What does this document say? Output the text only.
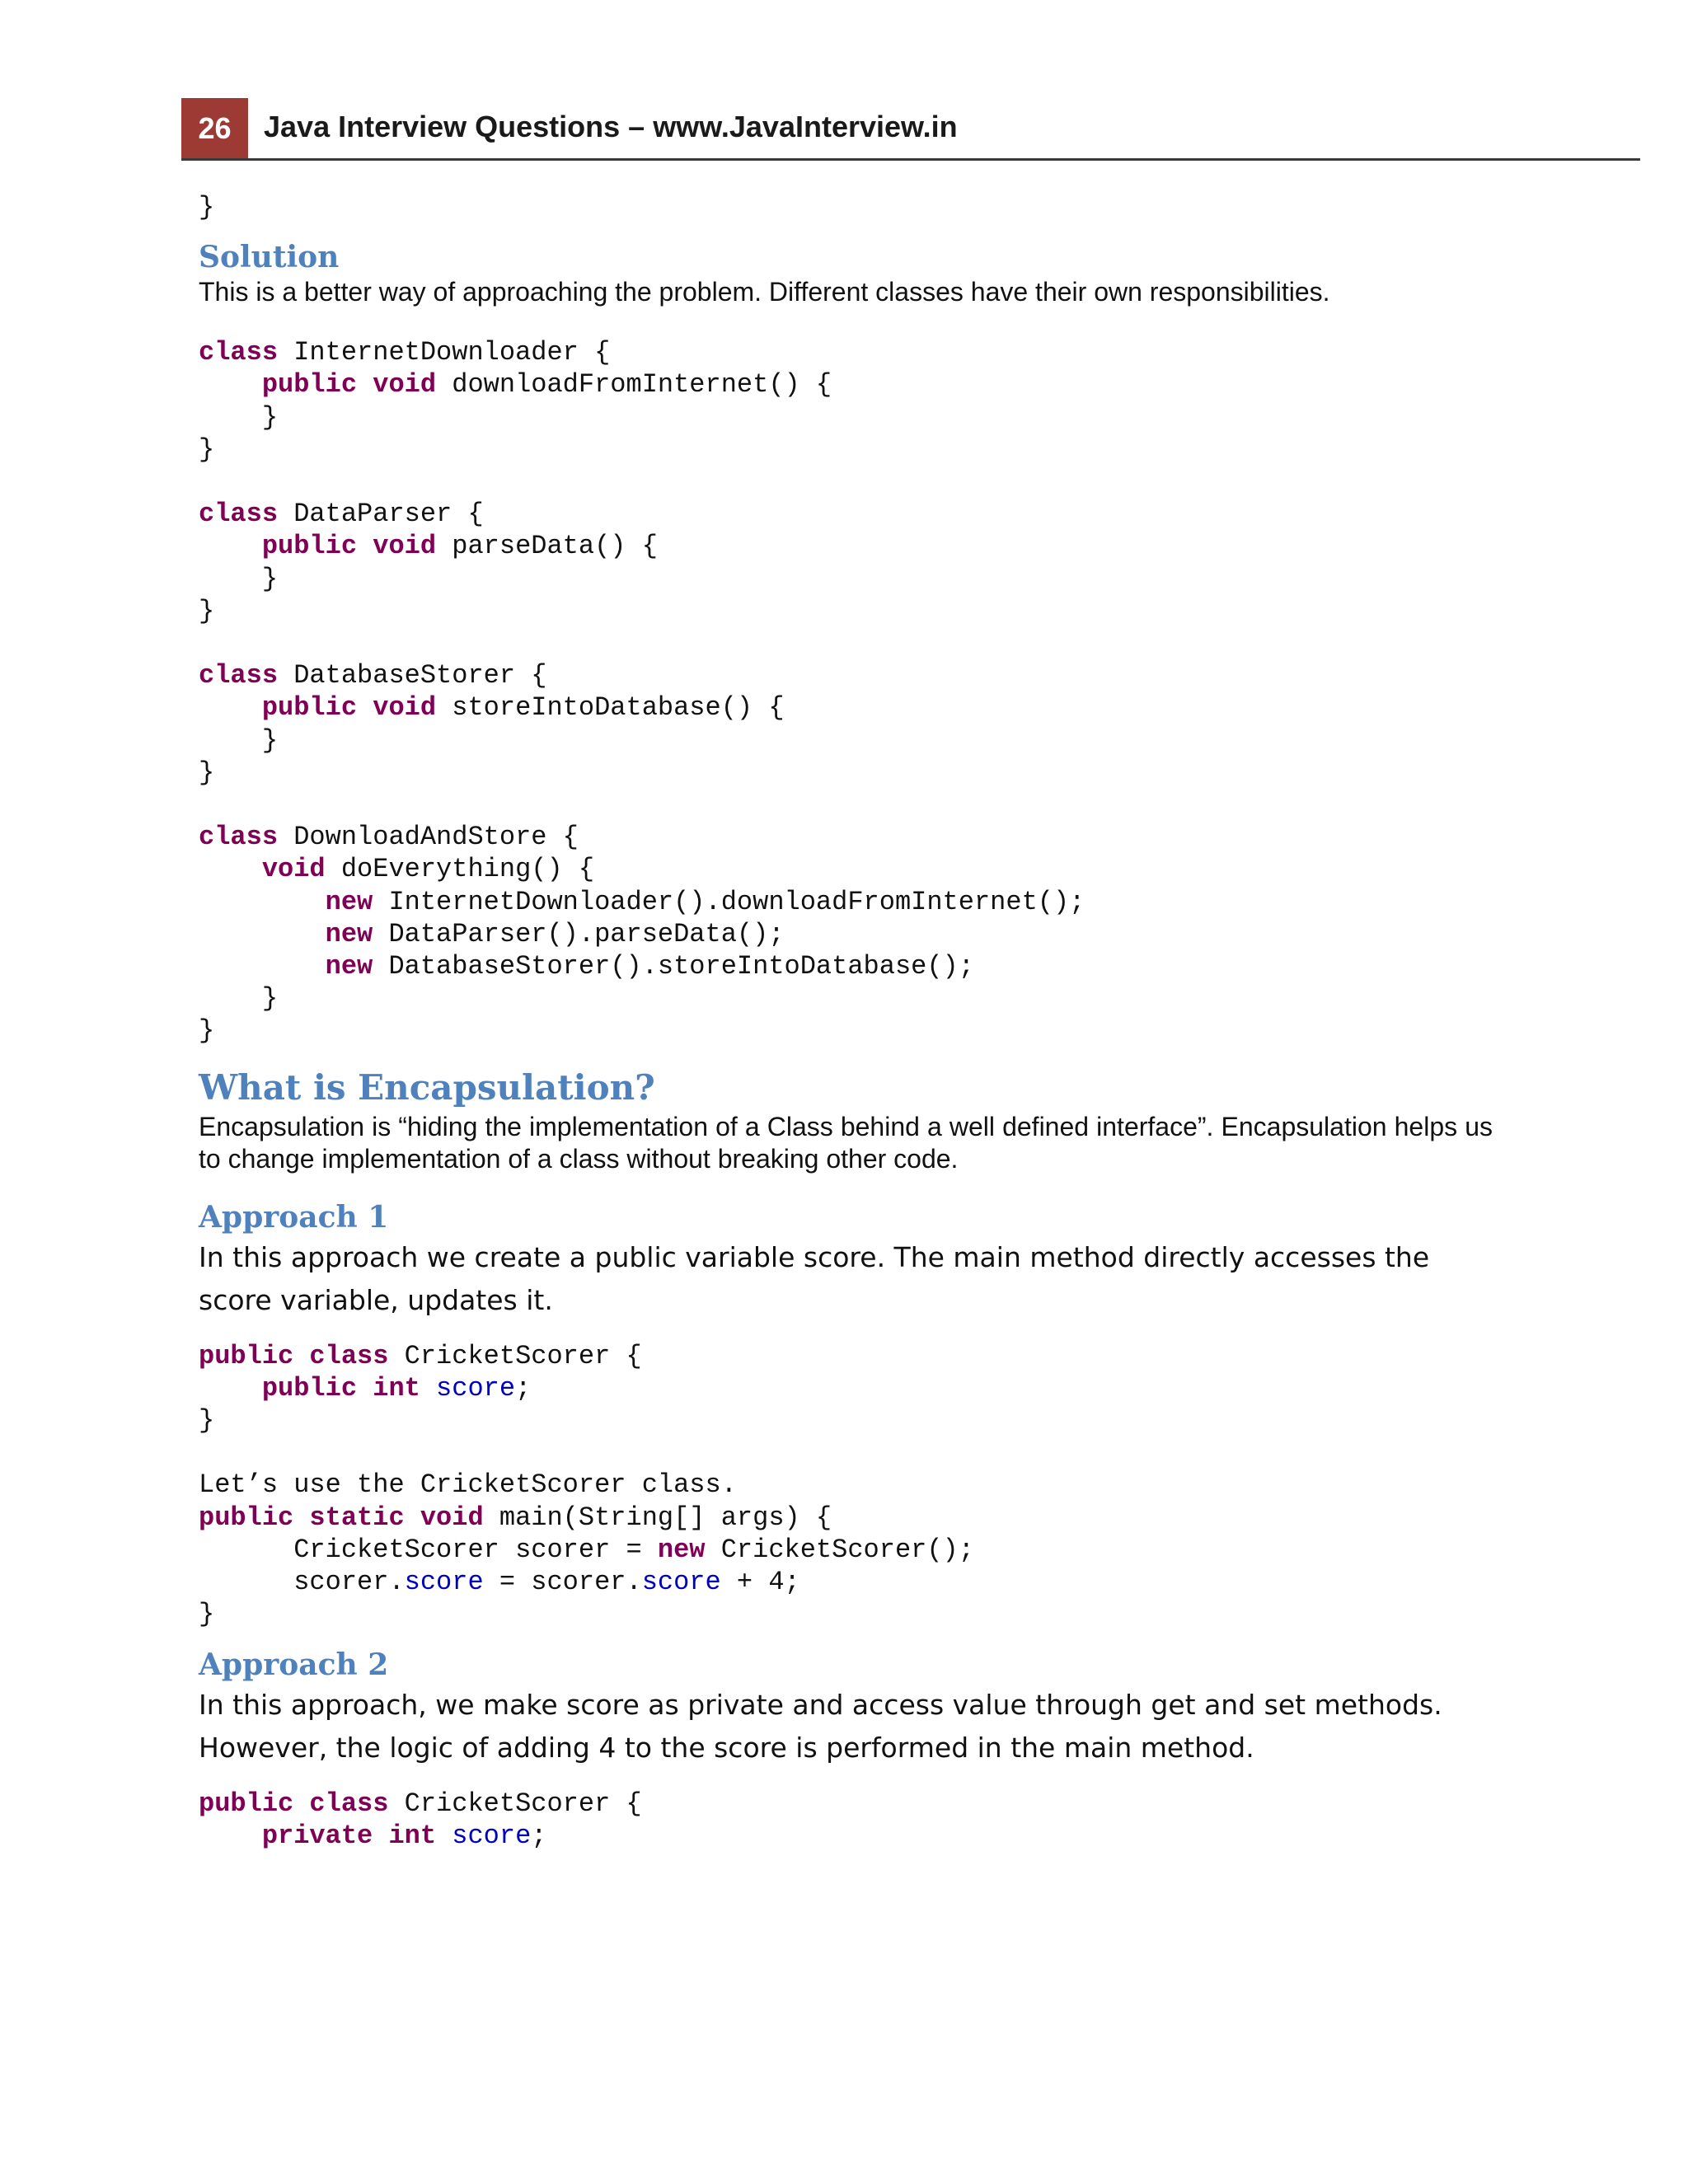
26	Java Interview Questions – www.JavaInterview.in
}
Solution

This is a better way of approaching the problem. Different classes have their own responsibilities.

class InternetDownloader {
public void downloadFromInternet() {
}
}

class DataParser {
public void parseData() {
}
}

class DatabaseStorer {
public void storeIntoDatabase() {
}
}

class DownloadAndStore {
void doEverything() {
new InternetDownloader().downloadFromInternet();
new DataParser().parseData();
new DatabaseStorer().storeIntoDatabase();
}
}
What is Encapsulation?

Encapsulation is “hiding the implementation of a Class behind a well defined interface”. Encapsulation helps us to change implementation of a class without breaking other code.

Approach 1

In this approach we create a public variable score. The main method directly accesses the score variable, updates it.

public class CricketScorer {
public int score;
}

Let’s use the CricketScorer class.
public static void main(String[] args) {
CricketScorer scorer = new CricketScorer();
scorer.score = scorer.score + 4;
}
Approach 2

In this approach, we make score as private and access value through get and set methods. However, the logic of adding 4 to the score is performed in the main method.

public class CricketScorer {
private int score;
